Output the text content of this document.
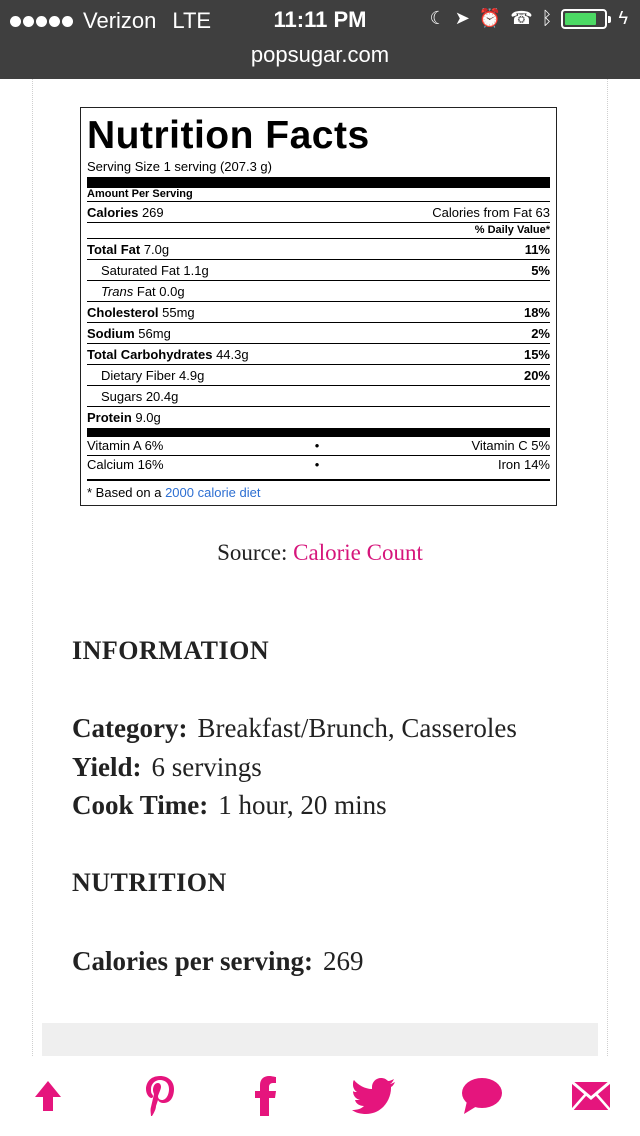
Verizon LTE	11:11 PM	☾ ➤ ⏰ ☎ ᛒ	ϟ
popsugar.com
Nutrition Facts
Serving Size 1 serving (207.3 g)
Amount Per Serving
Calories 269	Calories from Fat 63
% Daily Value*
Total Fat 7.0g	11%
Saturated Fat 1.1g	5%
Trans Fat 0.0g
Cholesterol 55mg	18%
Sodium 56mg	2%
Total Carbohydrates 44.3g	15%
Dietary Fiber 4.9g	20%
Sugars 20.4g
Protein 9.0g
Vitamin A 6%	•	Vitamin C 5%
Calcium 16%	•	Iron 14%
* Based on a 2000 calorie diet
Source: Calorie Count
INFORMATION
Category: Breakfast/Brunch, Casseroles
Yield: 6 servings
Cook Time: 1 hour, 20 mins
NUTRITION
Calories per serving: 269
